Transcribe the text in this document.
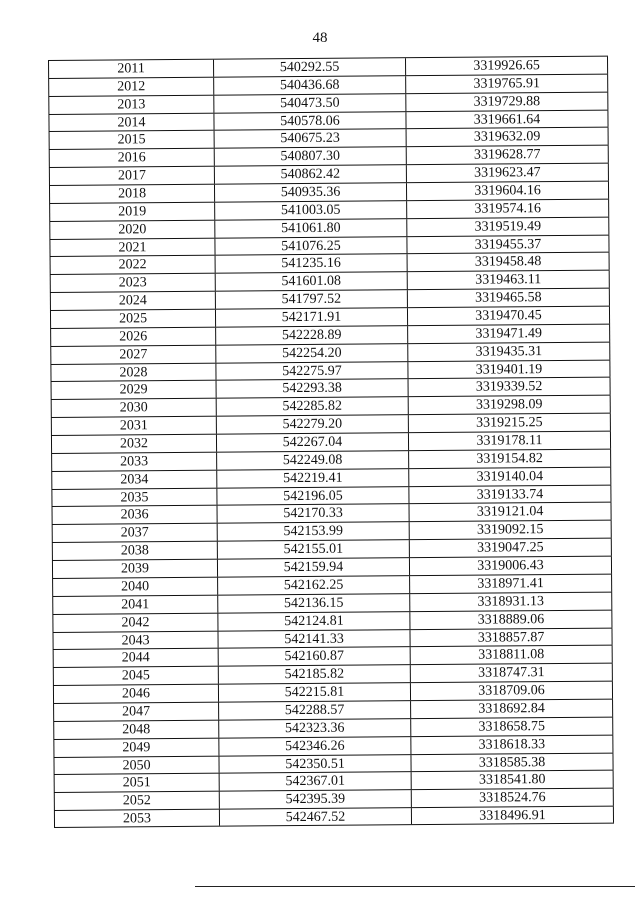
48
2011	540292.55	3319926.65
2012	540436.68	3319765.91
2013	540473.50	3319729.88
2014	540578.06	3319661.64
2015	540675.23	3319632.09
2016	540807.30	3319628.77
2017	540862.42	3319623.47
2018	540935.36	3319604.16
2019	541003.05	3319574.16
2020	541061.80	3319519.49
2021	541076.25	3319455.37
2022	541235.16	3319458.48
2023	541601.08	3319463.11
2024	541797.52	3319465.58
2025	542171.91	3319470.45
2026	542228.89	3319471.49
2027	542254.20	3319435.31
2028	542275.97	3319401.19
2029	542293.38	3319339.52
2030	542285.82	3319298.09
2031	542279.20	3319215.25
2032	542267.04	3319178.11
2033	542249.08	3319154.82
2034	542219.41	3319140.04
2035	542196.05	3319133.74
2036	542170.33	3319121.04
2037	542153.99	3319092.15
2038	542155.01	3319047.25
2039	542159.94	3319006.43
2040	542162.25	3318971.41
2041	542136.15	3318931.13
2042	542124.81	3318889.06
2043	542141.33	3318857.87
2044	542160.87	3318811.08
2045	542185.82	3318747.31
2046	542215.81	3318709.06
2047	542288.57	3318692.84
2048	542323.36	3318658.75
2049	542346.26	3318618.33
2050	542350.51	3318585.38
2051	542367.01	3318541.80
2052	542395.39	3318524.76
2053	542467.52	3318496.91
